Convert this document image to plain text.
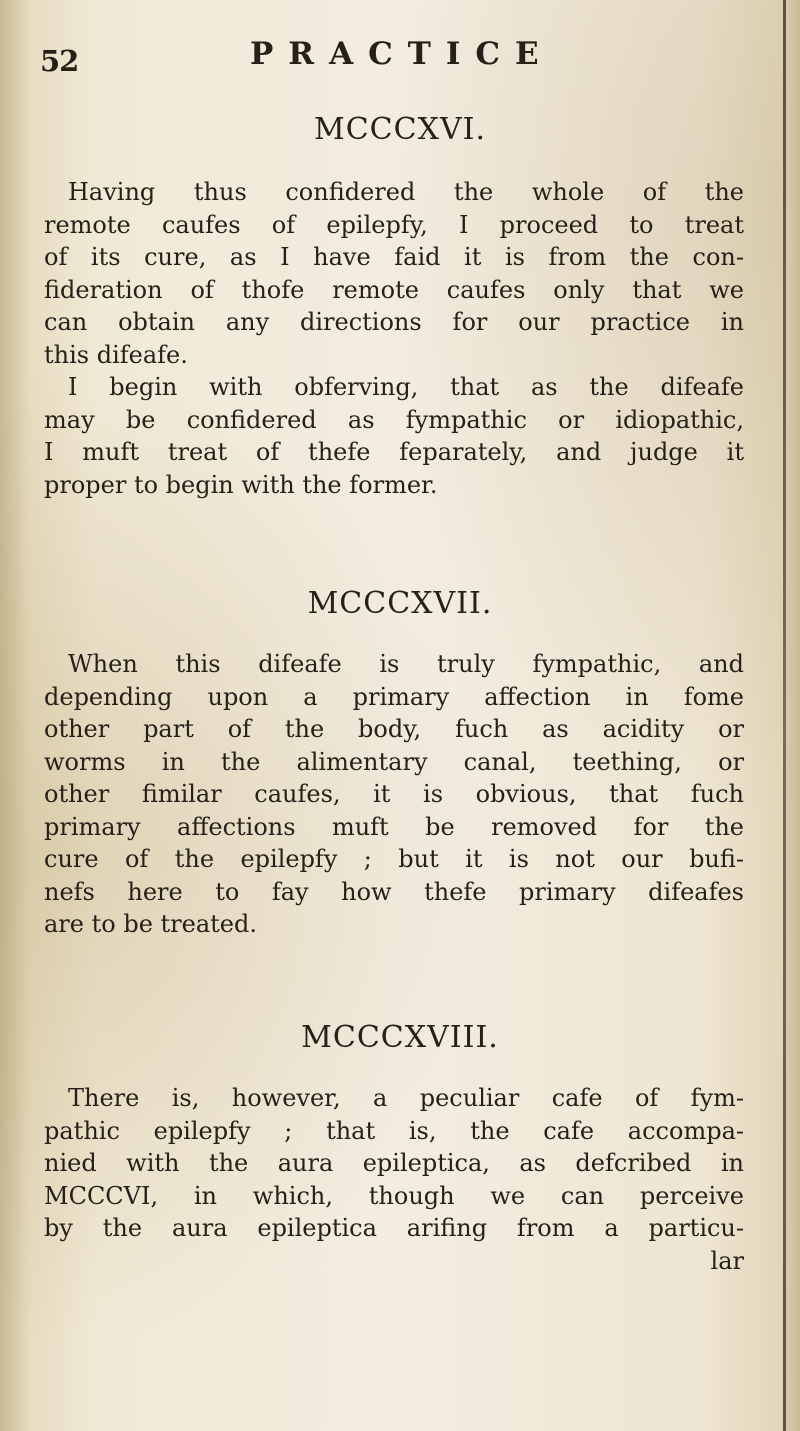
52	PRACTICE
MCCCXVI.
Having thus confidered the whole of the
remote caufes of epilepfy, I proceed to treat
of its cure, as I have faid it is from the con-
fideration of thofe remote caufes only that we
can obtain any directions for our practice in
this difeafe.
I begin with obferving, that as the difeafe
may be confidered as fympathic or idiopathic,
I muft treat of thefe feparately, and judge it
proper to begin with the former.
MCCCXVII.
When this difeafe is truly fympathic, and
depending upon a primary affection in fome
other part of the body, fuch as acidity or
worms in the alimentary canal, teething, or
other fimilar caufes, it is obvious, that fuch
primary affections muft be removed for the
cure of the epilepfy ; but it is not our bufi-
nefs here to fay how thefe primary difeafes
are to be treated.
MCCCXVIII.
There is, however, a peculiar cafe of fym-
pathic epilepfy ; that is, the cafe accompa-
nied with the aura epileptica, as defcribed in
MCCCVI, in which, though we can perceive
by the aura epileptica arifing from a particu-
lar
